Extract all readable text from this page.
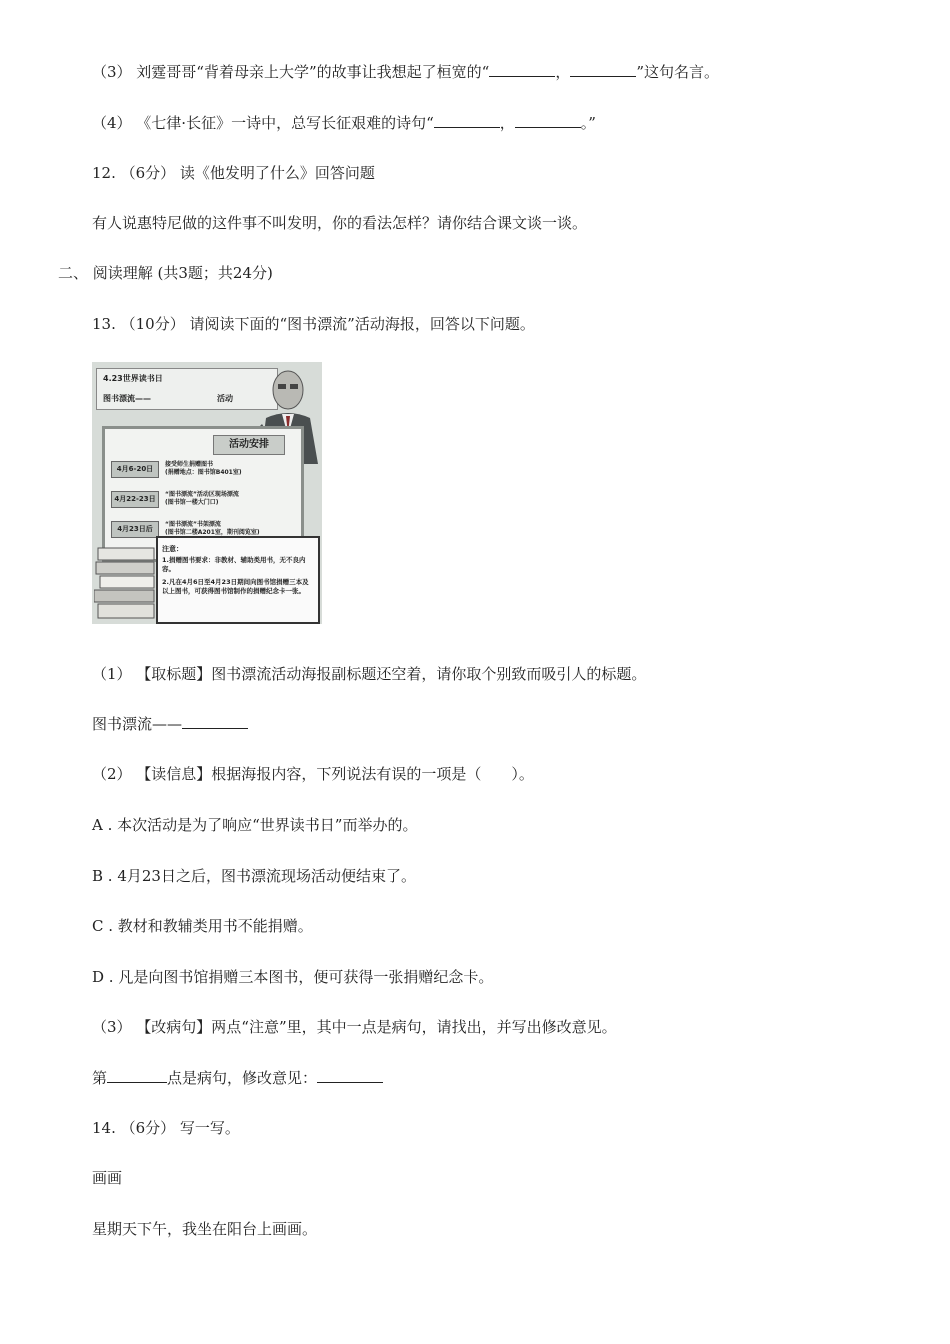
（3） 刘霆哥哥“背着母亲上大学”的故事让我想起了桓宽的“	，	”这句名言。
（4） 《七律·长征》一诗中，总写长征艰难的诗句“	，	。”
12. （6分） 读《他发明了什么》回答问题
有人说惠特尼做的这件事不叫发明，你的看法怎样？请你结合课文谈一谈。
二、 阅读理解 (共3题；共24分)
13. （10分） 请阅读下面的“图书漂流”活动海报，回答以下问题。
4.23世界读书日
图书漂流——	活动
活动安排
4月6-20日
接受师生捐赠图书
(捐赠地点：图书馆B401室)
4月22-23日
“图书漂流”活动区现场漂流
(图书馆一楼大门口)
4月23日后
“图书漂流”书架漂流
(图书馆二楼A201室，期刊阅览室)
注意：
1.捐赠图书要求：非教材、辅助类用书，无不良内容。
2.凡在4月6日至4月23日期间向图书馆捐赠三本及以上图书，可获得图书馆制作的捐赠纪念卡一张。
（1） 【取标题】图书漂流活动海报副标题还空着，请你取个别致而吸引人的标题。
图书漂流——
（2） 【读信息】根据海报内容，下列说法有误的一项是（　　）。
A . 本次活动是为了响应“世界读书日”而举办的。
B . 4月23日之后，图书漂流现场活动便结束了。
C . 教材和教辅类用书不能捐赠。
D . 凡是向图书馆捐赠三本图书，便可获得一张捐赠纪念卡。
（3） 【改病句】两点“注意”里，其中一点是病句，请找出，并写出修改意见。
第	点是病句，修改意见：
14. （6分） 写一写。
画画
星期天下午，我坐在阳台上画画。
